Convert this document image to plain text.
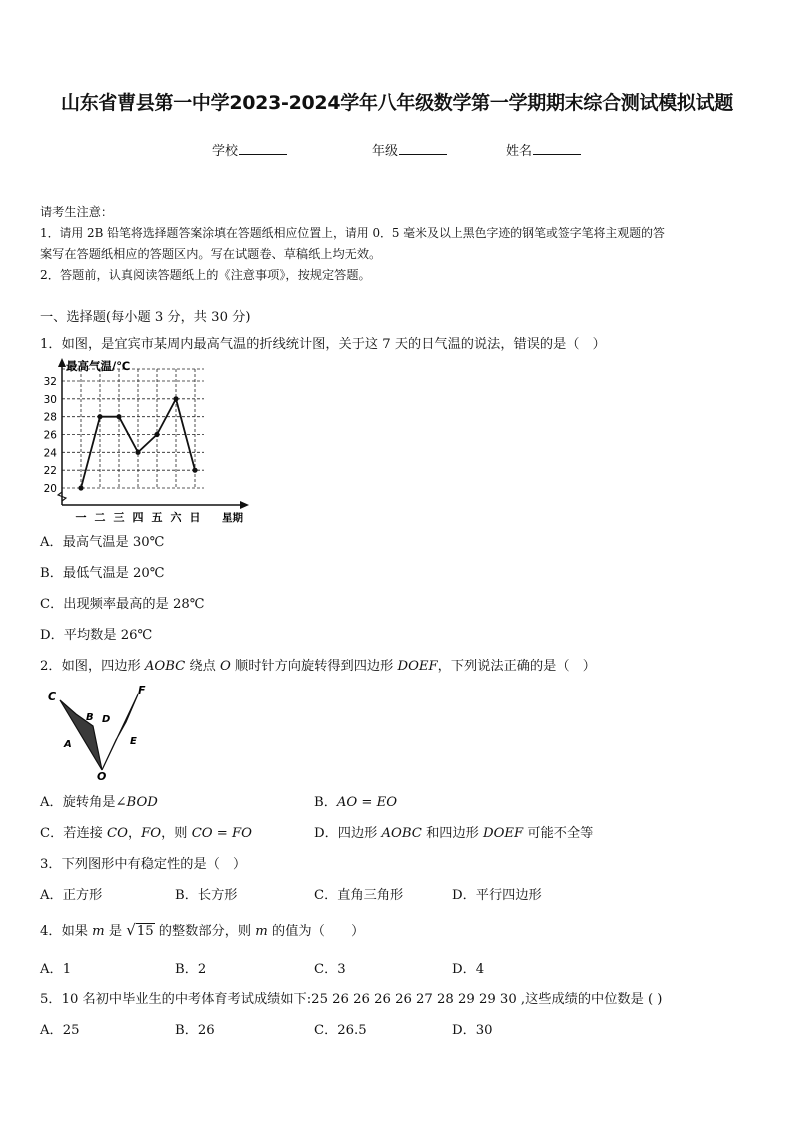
山东省曹县第一中学2023-2024学年八年级数学第一学期期末综合测试模拟试题
学校	年级	姓名
请考生注意：
1．请用 2B 铅笔将选择题答案涂填在答题纸相应位置上，请用 0．5 毫米及以上黑色字迹的钢笔或签字笔将主观题的答
案写在答题纸相应的答题区内。写在试题卷、草稿纸上均无效。
2．答题前，认真阅读答题纸上的《注意事项》，按规定答题。
一、选择题(每小题 3 分，共 30 分)
1．如图，是宜宾市某周内最高气温的折线统计图，关于这 7 天的日气温的说法，错误的是（　）
20
22
24
26
28
30
32
一 二 三 四 五 六 日
最高气温/℃
星期
A．最高气温是 30℃
B．最低气温是 20℃
C．出现频率最高的是 28℃
D．平均数是 26℃
2．如图，四边形 AOBC 绕点 O 顺时针方向旋转得到四边形 DOEF，下列说法正确的是（　）
C
B D
A	E
F
O
A．旋转角是∠BOD	B．AO = EO
C．若连接 CO，FO，则 CO = FO	D．四边形 AOBC 和四边形 DOEF 可能不全等
3．下列图形中有稳定性的是（　）
A．正方形	B．长方形	C．直角三角形	D．平行四边形
4．如果 m 是 √15 的整数部分，则 m 的值为（　　）
A．1	B．2	C．3	D．4
5．10 名初中毕业生的中考体育考试成绩如下:25 26 26 26 26 27 28 29 29 30 ,这些成绩的中位数是 ( )
A．25	B．26	C．26.5	D．30
